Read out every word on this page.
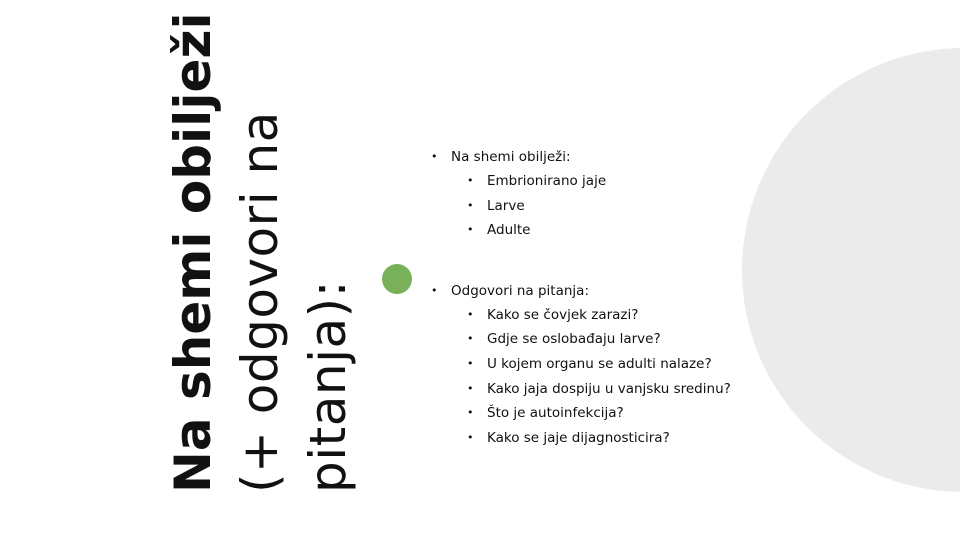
Na shemi obilježi (+ odgovori na pitanja):
• Na shemi obilježi:
• Embrionirano jaje
• Larve
• Adulte
• Odgovori na pitanja:
• Kako se čovjek zarazi?
• Gdje se oslobađaju larve?
• U kojem organu se adulti nalaze?
• Kako jaja dospiju u vanjsku sredinu?
• Što je autoinfekcija?
• Kako se jaje dijagnosticira?
